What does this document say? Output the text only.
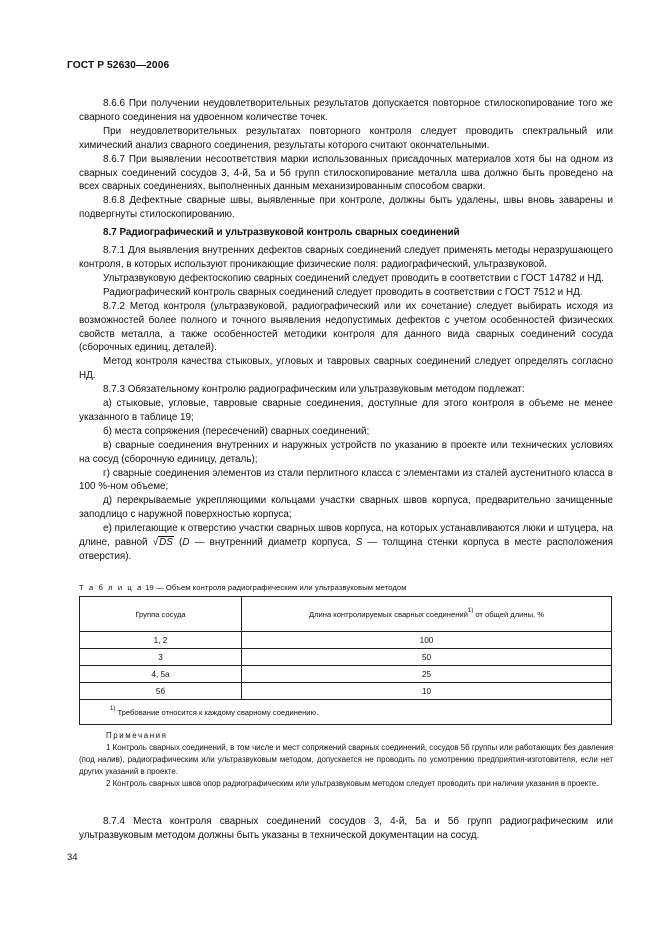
ГОСТ Р 52630—2006

8.6.6 При получении неудовлетворительных результатов допускается повторное стилоскопирование того же сварного соединения на удвоенном количестве точек.

При неудовлетворительных результатах повторного контроля следует проводить спектральный или химический анализ сварного соединения, результаты которого считают окончательными.

8.6.7 При выявлении несоответствия марки использованных присадочных материалов хотя бы на одном из сварных соединений сосудов 3, 4-й, 5а и 5б групп стилоскопирование металла шва должно быть проведено на всех сварных соединениях, выполненных данным механизированным способом сварки.

8.6.8 Дефектные сварные швы, выявленные при контроле, должны быть удалены, швы вновь заварены и подвергнуты стилоскопированию.

8.7 Радиографический и ультразвуковой контроль сварных соединений

8.7.1 Для выявления внутренних дефектов сварных соединений следует применять методы неразрушающего контроля, в которых используют проникающие физические поля: радиографический, ультразвуковой.

Ультразвуковую дефектоскопию сварных соединений следует проводить в соответствии с ГОСТ 14782 и НД.

Радиографический контроль сварных соединений следует проводить в соответствии с ГОСТ 7512 и НД.

8.7.2 Метод контроля (ультразвуковой, радиографический или их сочетание) следует выбирать исходя из возможностей более полного и точного выявления недопустимых дефектов с учетом особенностей физических свойств металла, а также особенностей методики контроля для данного вида сварных соединений сосуда (сборочных единиц, деталей).

Метод контроля качества стыковых, угловых и тавровых сварных соединений следует определять согласно НД.

8.7.3 Обязательному контролю радиографическим или ультразвуковым методом подлежат:

а) стыковые, угловые, тавровые сварные соединения, доступные для этого контроля в объеме не менее указанного в таблице 19;

б) места сопряжения (пересечений) сварных соединений;

в) сварные соединения внутренних и наружных устройств по указанию в проекте или технических условиях на сосуд (сборочную единицу, деталь);

г) сварные соединения элементов из стали перлитного класса с элементами из сталей аустенитного класса в 100 %-ном объеме;

д) перекрываемые укрепляющими кольцами участки сварных швов корпуса, предварительно зачищенные заподлицо с наружной поверхностью корпуса;

е) прилегающие к отверстию участки сварных швов корпуса, на которых устанавливаются люки и штуцера, на длине, равной √DS (D — внутренний диаметр корпуса, S — толщина стенки корпуса в месте расположения отверстия).

Т а б л и ц а 19 — Объем контроля радиографическим или ультразвуковым методом
Группа сосуда	Длина контролируемых сварных соединений$^{1)}$ от общей длины, %
1, 2	100
3	50
4, 5а	25
5б	10
$^{1)}$ Требование относится к каждому сварному соединению.	
Примечания

1 Контроль сварных соединений, в том числе и мест сопряжений сварных соединений, сосудов 5б группы или работающих без давления (под налив), радиографическим или ультразвуковым методом, допускается не проводить по усмотрению предприятия-изготовителя, если нет других указаний в проекте.

2 Контроль сварных швов опор радиографическим или ультразвуковым методом следует проводить при наличии указания в проекте.

8.7.4 Места контроля сварных соединений сосудов 3, 4-й, 5а и 5б групп радиографическим или ультразвуковым методом должны быть указаны в технической документации на сосуд.

34
